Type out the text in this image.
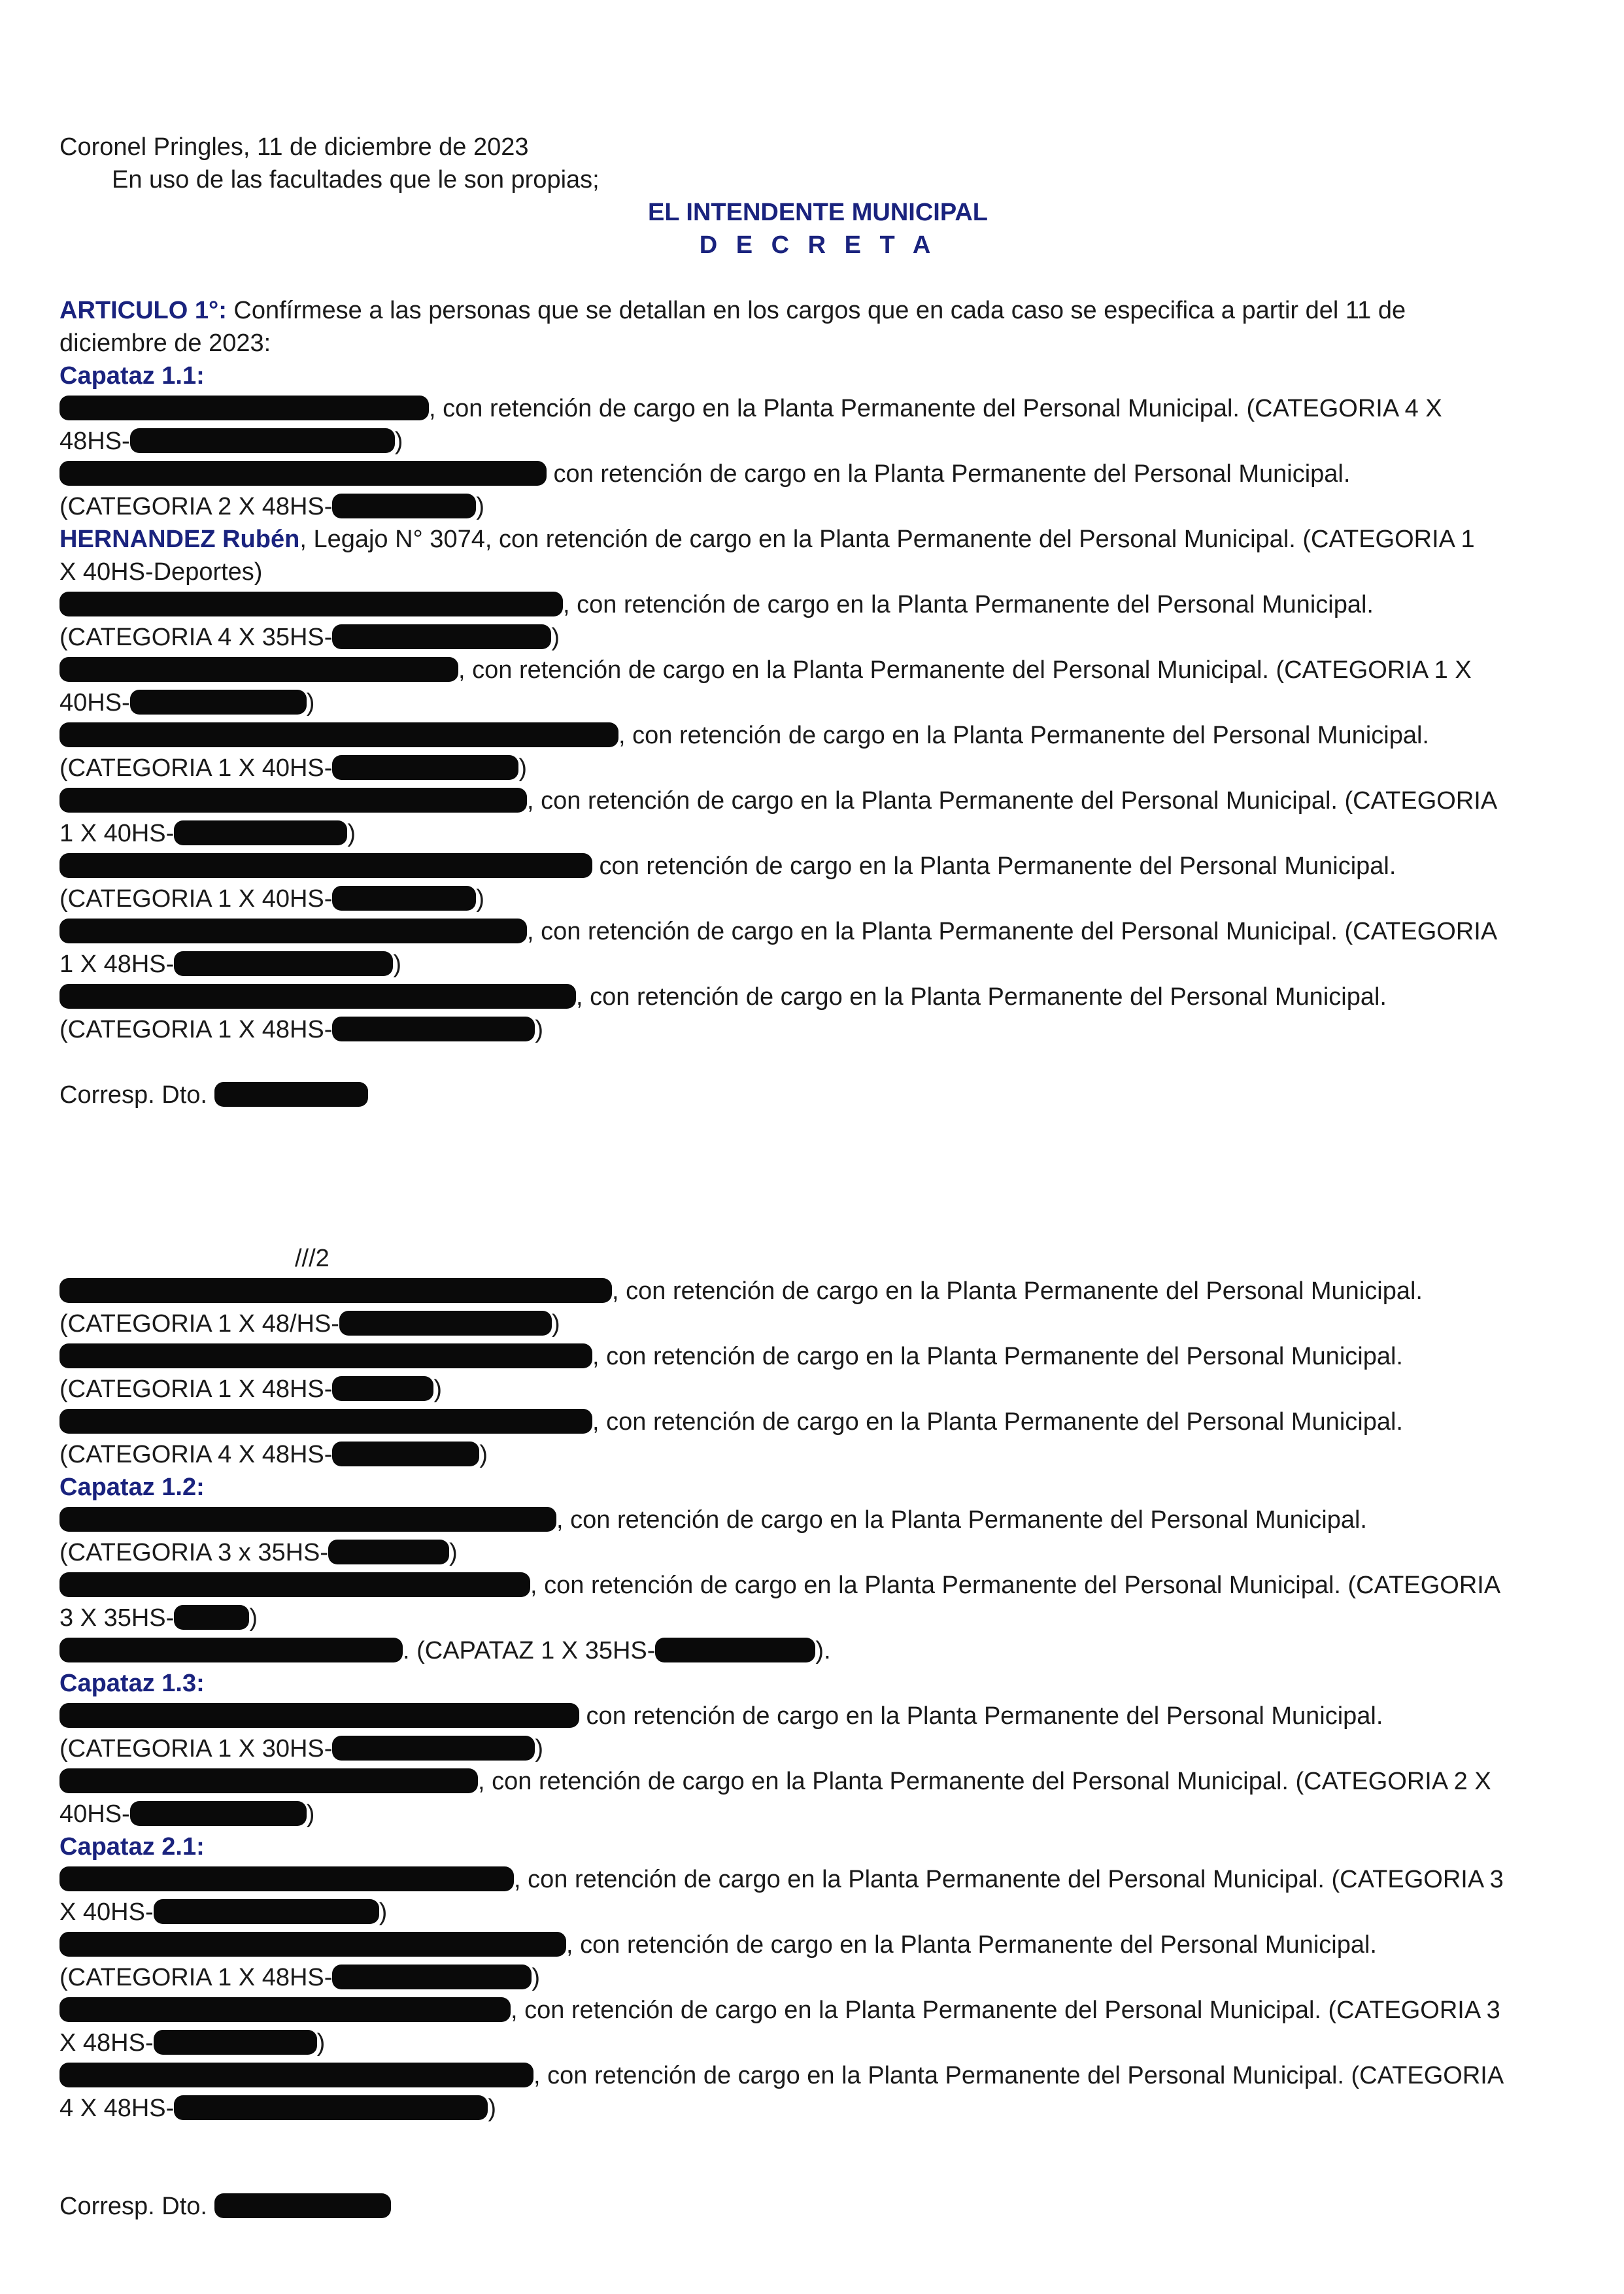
Coronel Pringles, 11 de diciembre de 2023
En uso de las facultades que le son propias;
EL INTENDENTE MUNICIPAL
D E C R E T A
ARTICULO 1°: Confírmese a las personas que se detallan en los cargos que en cada caso se especifica a partir del 11 de
diciembre de 2023:
Capataz 1.1:
, con retención de cargo en la Planta Permanente del Personal Municipal. (CATEGORIA 4 X
48HS-	)
con retención de cargo en la Planta Permanente del Personal Municipal.
(CATEGORIA 2 X 48HS-	)
HERNANDEZ Rubén, Legajo N° 3074, con retención de cargo en la Planta Permanente del Personal Municipal. (CATEGORIA 1
X 40HS-Deportes)
, con retención de cargo en la Planta Permanente del Personal Municipal.
(CATEGORIA 4 X 35HS-	)
, con retención de cargo en la Planta Permanente del Personal Municipal. (CATEGORIA 1 X
40HS-	)
, con retención de cargo en la Planta Permanente del Personal Municipal.
(CATEGORIA 1 X 40HS-	)
, con retención de cargo en la Planta Permanente del Personal Municipal. (CATEGORIA
1 X 40HS-	)
con retención de cargo en la Planta Permanente del Personal Municipal.
(CATEGORIA 1 X 40HS-	)
, con retención de cargo en la Planta Permanente del Personal Municipal. (CATEGORIA
1 X 48HS-	)
, con retención de cargo en la Planta Permanente del Personal Municipal.
(CATEGORIA 1 X 48HS-	)
Corresp. Dto.
///2
, con retención de cargo en la Planta Permanente del Personal Municipal.
(CATEGORIA 1 X 48/HS-	)
, con retención de cargo en la Planta Permanente del Personal Municipal.
(CATEGORIA 1 X 48HS-	)
, con retención de cargo en la Planta Permanente del Personal Municipal.
(CATEGORIA 4 X 48HS-	)
Capataz 1.2:
, con retención de cargo en la Planta Permanente del Personal Municipal.
(CATEGORIA 3 x 35HS-	)
, con retención de cargo en la Planta Permanente del Personal Municipal. (CATEGORIA
3 X 35HS-	)
. (CAPATAZ 1 X 35HS-	).
Capataz 1.3:
con retención de cargo en la Planta Permanente del Personal Municipal.
(CATEGORIA 1 X 30HS-	)
, con retención de cargo en la Planta Permanente del Personal Municipal. (CATEGORIA 2 X
40HS-	)
Capataz 2.1:
, con retención de cargo en la Planta Permanente del Personal Municipal. (CATEGORIA 3
X 40HS-	)
, con retención de cargo en la Planta Permanente del Personal Municipal.
(CATEGORIA 1 X 48HS-	)
, con retención de cargo en la Planta Permanente del Personal Municipal. (CATEGORIA 3
X 48HS-	)
, con retención de cargo en la Planta Permanente del Personal Municipal. (CATEGORIA
4 X 48HS-	)
Corresp. Dto.
